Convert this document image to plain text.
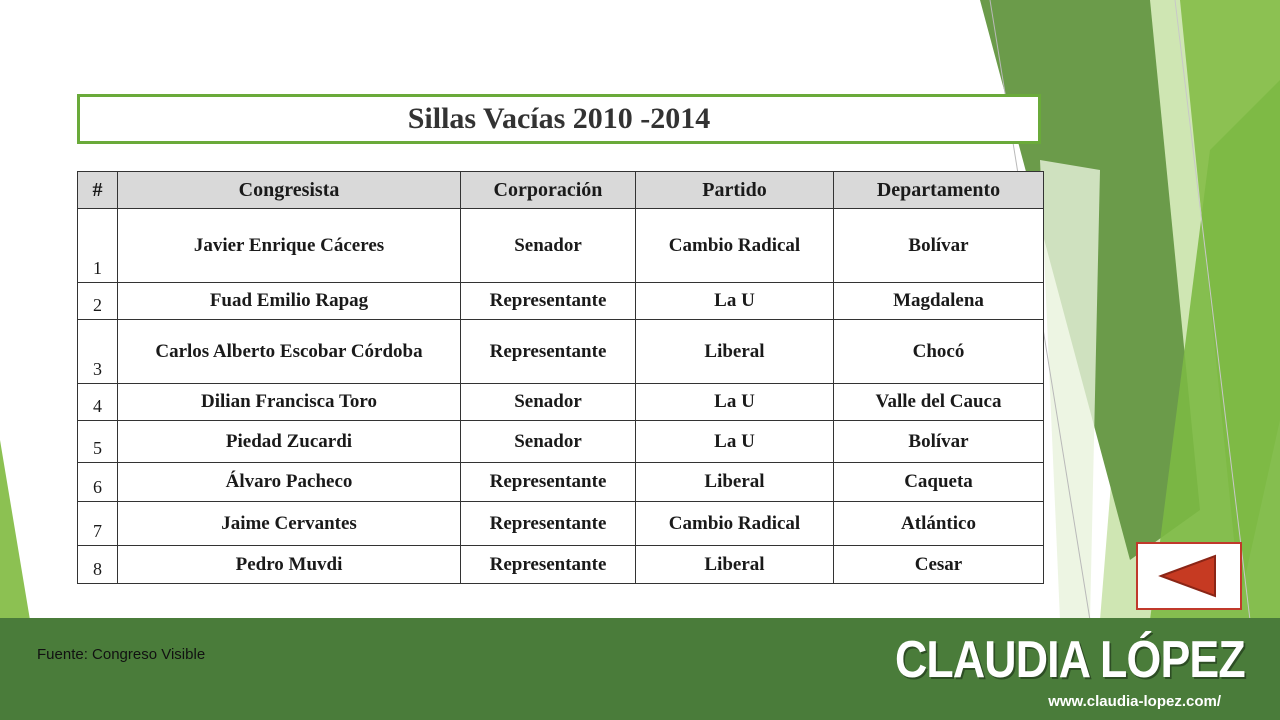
Sillas Vacías 2010 -2014
#	Congresista	Corporación	Partido	Departamento
1	Javier Enrique Cáceres	Senador	Cambio Radical	Bolívar
2	Fuad Emilio Rapag	Representante	La U	Magdalena
3	Carlos Alberto Escobar Córdoba	Representante	Liberal	Chocó
4	Dilian Francisca Toro	Senador	La U	Valle del Cauca
5	Piedad Zucardi	Senador	La U	Bolívar
6	Álvaro Pacheco	Representante	Liberal	Caqueta
7	Jaime Cervantes	Representante	Cambio Radical	Atlántico
8	Pedro Muvdi	Representante	Liberal	Cesar
Fuente: Congreso Visible	CLAUDIA LÓPEZ
www.claudia-lopez.com/
